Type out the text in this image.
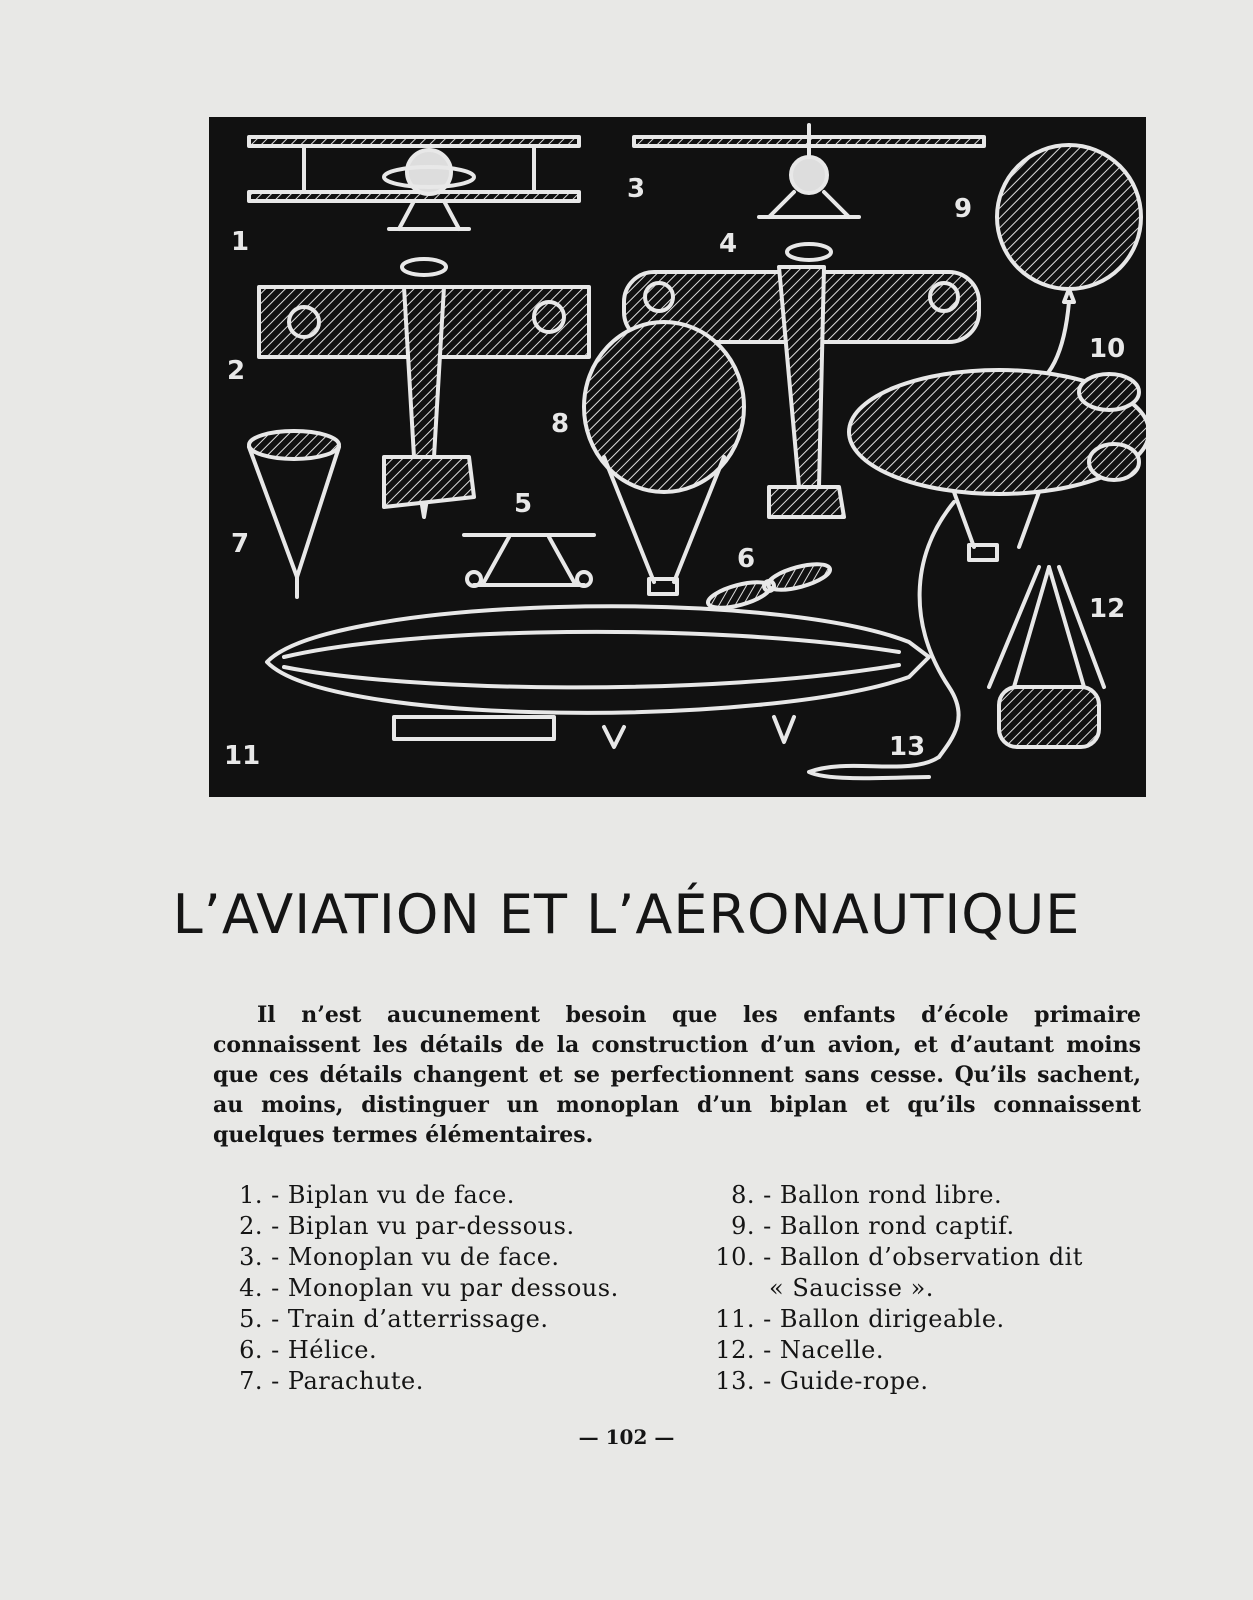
1
2
3
4
5
6
7
8
9
10
11
12
13
L’AVIATION ET L’AÉRONAUTIQUE

Il n’est aucunement besoin que les enfants d’école primaire connaissent les détails de la construction d’un avion, et d’autant moins que ces détails changent et se perfectionnent sans cesse. Qu’ils sachent, au moins, distinguer un monoplan d’un biplan et qu’ils connaissent quelques termes élémentaires.

1. - Biplan vu de face.
2. - Biplan vu par-dessous.
3. - Monoplan vu de face.
4. - Monoplan vu par dessous.
5. - Train d’atterrissage.
6. - Hélice.
7. - Parachute.
8. - Ballon rond libre.
9. - Ballon rond captif.
10. - Ballon d’observation dit
« Saucisse ».
11. - Ballon dirigeable.
12. - Nacelle.
13. - Guide-rope.
— 102 —
